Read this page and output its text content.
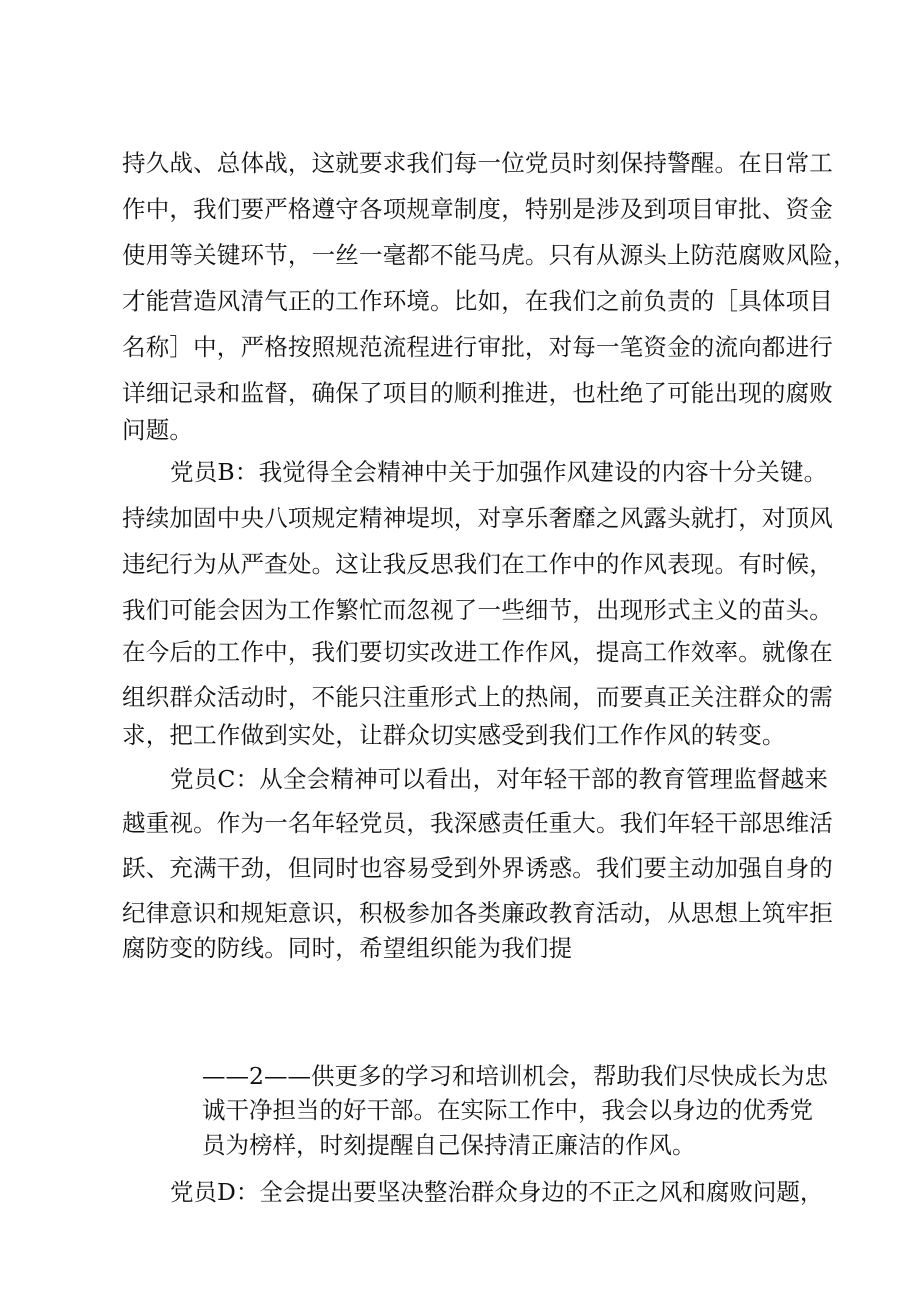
持久战、总体战，这就要求我们每一位党员时刻保持警醒。在日常工
作中，我们要严格遵守各项规章制度，特别是涉及到项目审批、资金
使用等关键环节，一丝一毫都不能马虎。只有从源头上防范腐败风险，
才能营造风清气正的工作环境。比如，在我们之前负责的［具体项目
名称］中，严格按照规范流程进行审批，对每一笔资金的流向都进行
详细记录和监督，确保了项目的顺利推进，也杜绝了可能出现的腐败
问题。
党员B：我觉得全会精神中关于加强作风建设的内容十分关键。
持续加固中央八项规定精神堤坝，对享乐奢靡之风露头就打，对顶风
违纪行为从严查处。这让我反思我们在工作中的作风表现。有时候，
我们可能会因为工作繁忙而忽视了一些细节，出现形式主义的苗头。
在今后的工作中，我们要切实改进工作作风，提高工作效率。就像在
组织群众活动时，不能只注重形式上的热闹，而要真正关注群众的需
求，把工作做到实处，让群众切实感受到我们工作作风的转变。
党员C：从全会精神可以看出，对年轻干部的教育管理监督越来
越重视。作为一名年轻党员，我深感责任重大。我们年轻干部思维活
跃、充满干劲，但同时也容易受到外界诱惑。我们要主动加强自身的
纪律意识和规矩意识，积极参加各类廉政教育活动，从思想上筑牢拒
腐防变的防线。同时，希望组织能为我们提
——2——供更多的学习和培训机会，帮助我们尽快成长为忠
诚干净担当的好干部。在实际工作中，我会以身边的优秀党
员为榜样，时刻提醒自己保持清正廉洁的作风。
党员D：全会提出要坚决整治群众身边的不正之风和腐败问题，
